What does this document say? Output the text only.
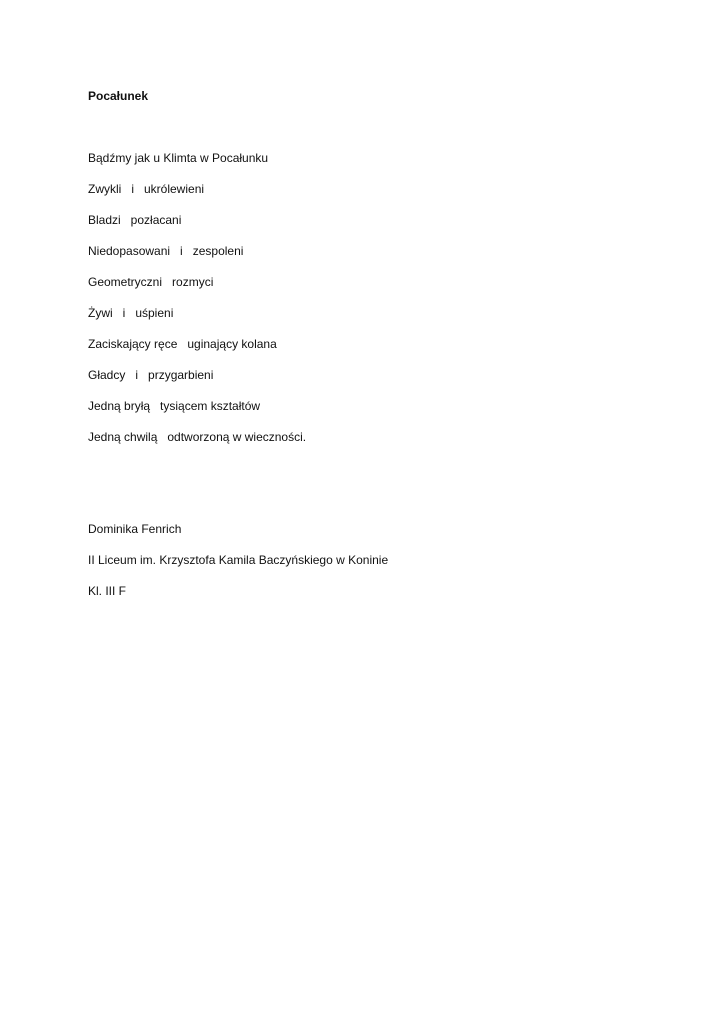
Pocałunek

Bądźmy jak u Klimta w Pocałunku

Zwykli   i   ukrólewieni

Bladzi   pozłacani

Niedopasowani   i   zespoleni

Geometryczni   rozmyci

Żywi   i   uśpieni

Zaciskający ręce   uginający kolana

Gładcy   i   przygarbieni

Jedną bryłą   tysiącem kształtów

Jedną chwilą   odtworzoną w wieczności.

Dominika Fenrich

II Liceum im. Krzysztofa Kamila Baczyńskiego w Koninie

Kl. III F
